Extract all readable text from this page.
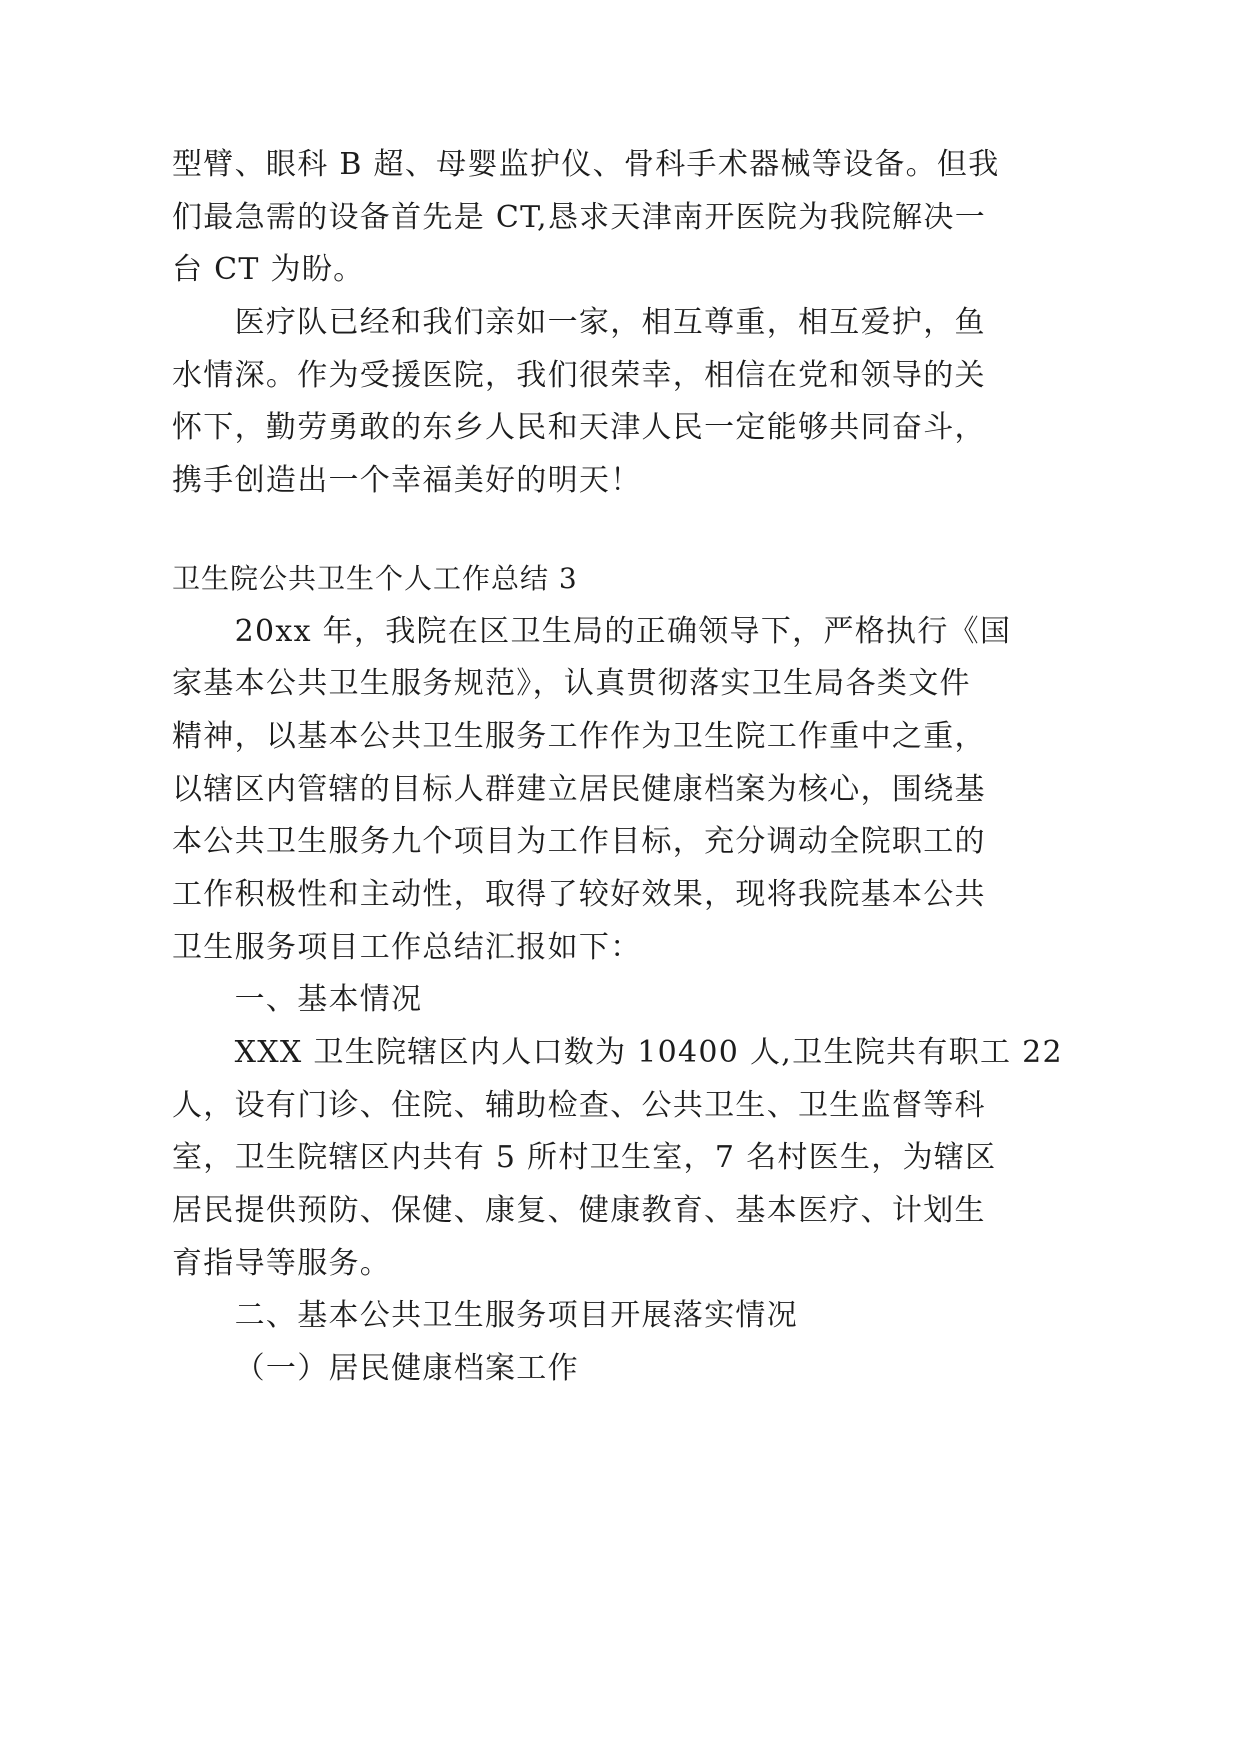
型臂、眼科 B 超、母婴监护仪、骨科手术器械等设备。但我
们最急需的设备首先是 CT,恳求天津南开医院为我院解决一
台 CT 为盼。
医疗队已经和我们亲如一家，相互尊重，相互爱护，鱼
水情深。作为受援医院，我们很荣幸，相信在党和领导的关
怀下，勤劳勇敢的东乡人民和天津人民一定能够共同奋斗，
携手创造出一个幸福美好的明天！
卫生院公共卫生个人工作总结 3
20xx 年，我院在区卫生局的正确领导下，严格执行《国
家基本公共卫生服务规范》，认真贯彻落实卫生局各类文件
精神，以基本公共卫生服务工作作为卫生院工作重中之重，
以辖区内管辖的目标人群建立居民健康档案为核心，围绕基
本公共卫生服务九个项目为工作目标，充分调动全院职工的
工作积极性和主动性，取得了较好效果，现将我院基本公共
卫生服务项目工作总结汇报如下：
一、基本情况
XXX 卫生院辖区内人口数为 10400 人,卫生院共有职工 22
人，设有门诊、住院、辅助检查、公共卫生、卫生监督等科
室，卫生院辖区内共有 5 所村卫生室，7 名村医生，为辖区
居民提供预防、保健、康复、健康教育、基本医疗、计划生
育指导等服务。
二、基本公共卫生服务项目开展落实情况
（一）居民健康档案工作
